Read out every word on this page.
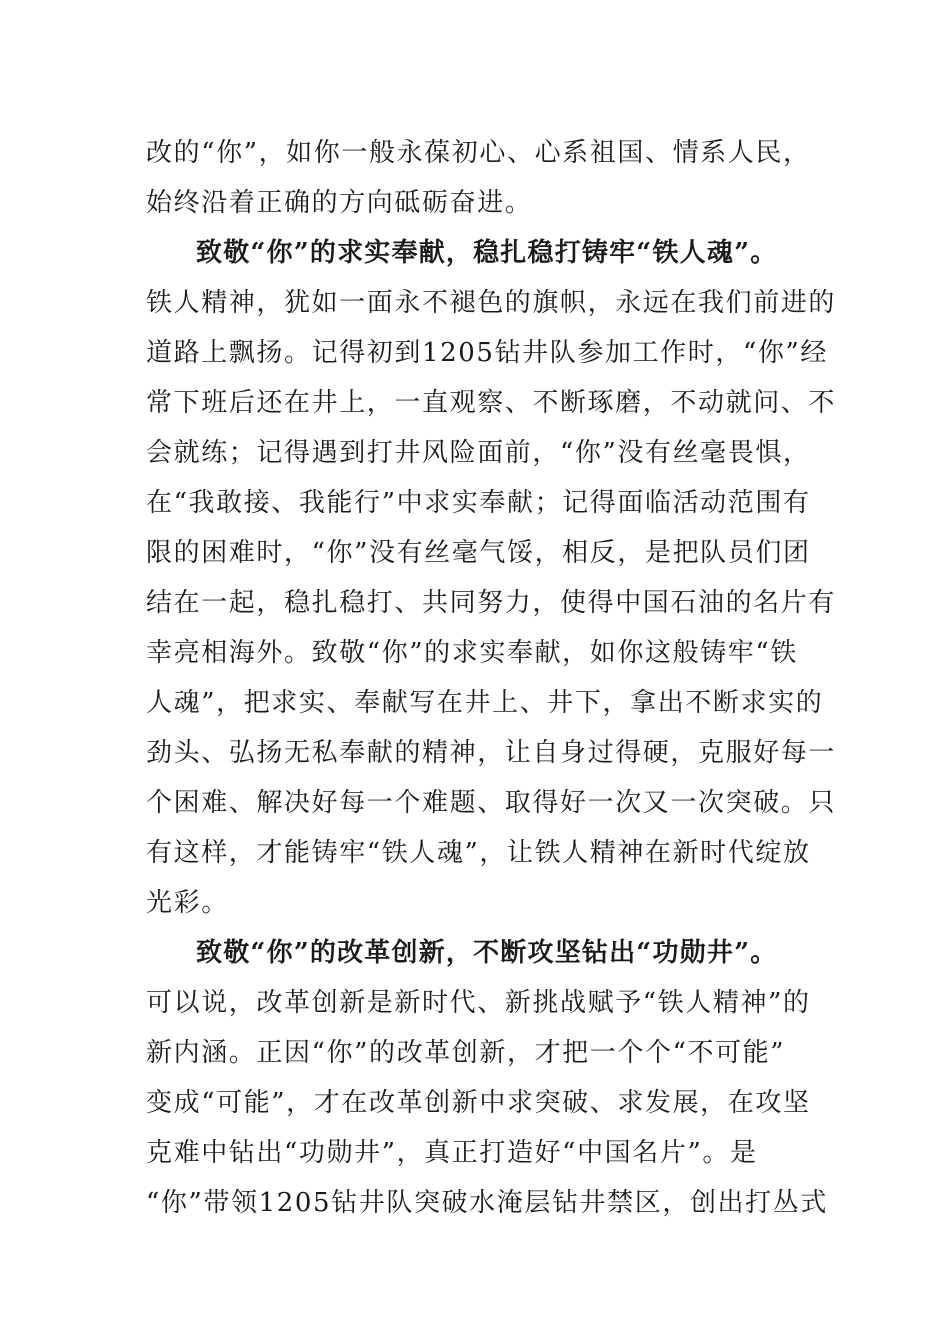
改的“你”，如你一般永葆初心、心系祖国、情系人民，
始终沿着正确的方向砥砺奋进。
致敬“你”的求实奉献，稳扎稳打铸牢“铁人魂”。
铁人精神，犹如一面永不褪色的旗帜，永远在我们前进的
道路上飘扬。记得初到1205钻井队参加工作时，“你”经
常下班后还在井上，一直观察、不断琢磨，不动就问、不
会就练；记得遇到打井风险面前，“你”没有丝毫畏惧，
在“我敢接、我能行”中求实奉献；记得面临活动范围有
限的困难时，“你”没有丝毫气馁，相反，是把队员们团
结在一起，稳扎稳打、共同努力，使得中国石油的名片有
幸亮相海外。致敬“你”的求实奉献，如你这般铸牢“铁
人魂”，把求实、奉献写在井上、井下，拿出不断求实的
劲头、弘扬无私奉献的精神，让自身过得硬，克服好每一
个困难、解决好每一个难题、取得好一次又一次突破。只
有这样，才能铸牢“铁人魂”，让铁人精神在新时代绽放
光彩。
致敬“你”的改革创新，不断攻坚钻出“功勋井”。
可以说，改革创新是新时代、新挑战赋予“铁人精神”的
新内涵。正因“你”的改革创新，才把一个个“不可能”
变成“可能”，才在改革创新中求突破、求发展，在攻坚
克难中钻出“功勋井”，真正打造好“中国名片”。是
“你”带领1205钻井队突破水淹层钻井禁区，创出打丛式
